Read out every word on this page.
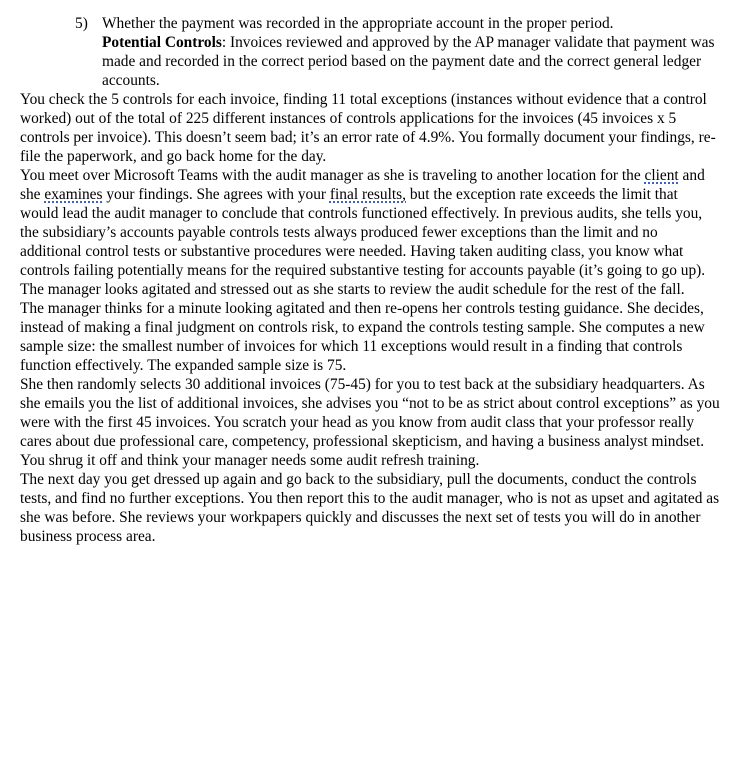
5) Whether the payment was recorded in the appropriate account in the proper period.

Potential Controls: Invoices reviewed and approved by the AP manager validate that payment was made and recorded in the correct period based on the payment date and the correct general ledger accounts.

You check the 5 controls for each invoice, finding 11 total exceptions (instances without evidence that a control worked) out of the total of 225 different instances of controls applications for the invoices (45 invoices x 5 controls per invoice). This doesn’t seem bad; it’s an error rate of 4.9%. You formally document your findings, re-file the paperwork, and go back home for the day.

You meet over Microsoft Teams with the audit manager as she is traveling to another location for the client and she examines your findings. She agrees with your final results, but the exception rate exceeds the limit that would lead the audit manager to conclude that controls functioned effectively. In previous audits, she tells you, the subsidiary’s accounts payable controls tests always produced fewer exceptions than the limit and no additional control tests or substantive procedures were needed. Having taken auditing class, you know what controls failing potentially means for the required substantive testing for accounts payable (it’s going to go up). The manager looks agitated and stressed out as she starts to review the audit schedule for the rest of the fall.

The manager thinks for a minute looking agitated and then re-opens her controls testing guidance. She decides, instead of making a final judgment on controls risk, to expand the controls testing sample. She computes a new sample size: the smallest number of invoices for which 11 exceptions would result in a finding that controls function effectively. The expanded sample size is 75.

She then randomly selects 30 additional invoices (75-45) for you to test back at the subsidiary headquarters. As she emails you the list of additional invoices, she advises you “not to be as strict about control exceptions” as you were with the first 45 invoices. You scratch your head as you know from audit class that your professor really cares about due professional care, competency, professional skepticism, and having a business analyst mindset. You shrug it off and think your manager needs some audit refresh training.

The next day you get dressed up again and go back to the subsidiary, pull the documents, conduct the controls tests, and find no further exceptions. You then report this to the audit manager, who is not as upset and agitated as she was before. She reviews your workpapers quickly and discusses the next set of tests you will do in another business process area.
